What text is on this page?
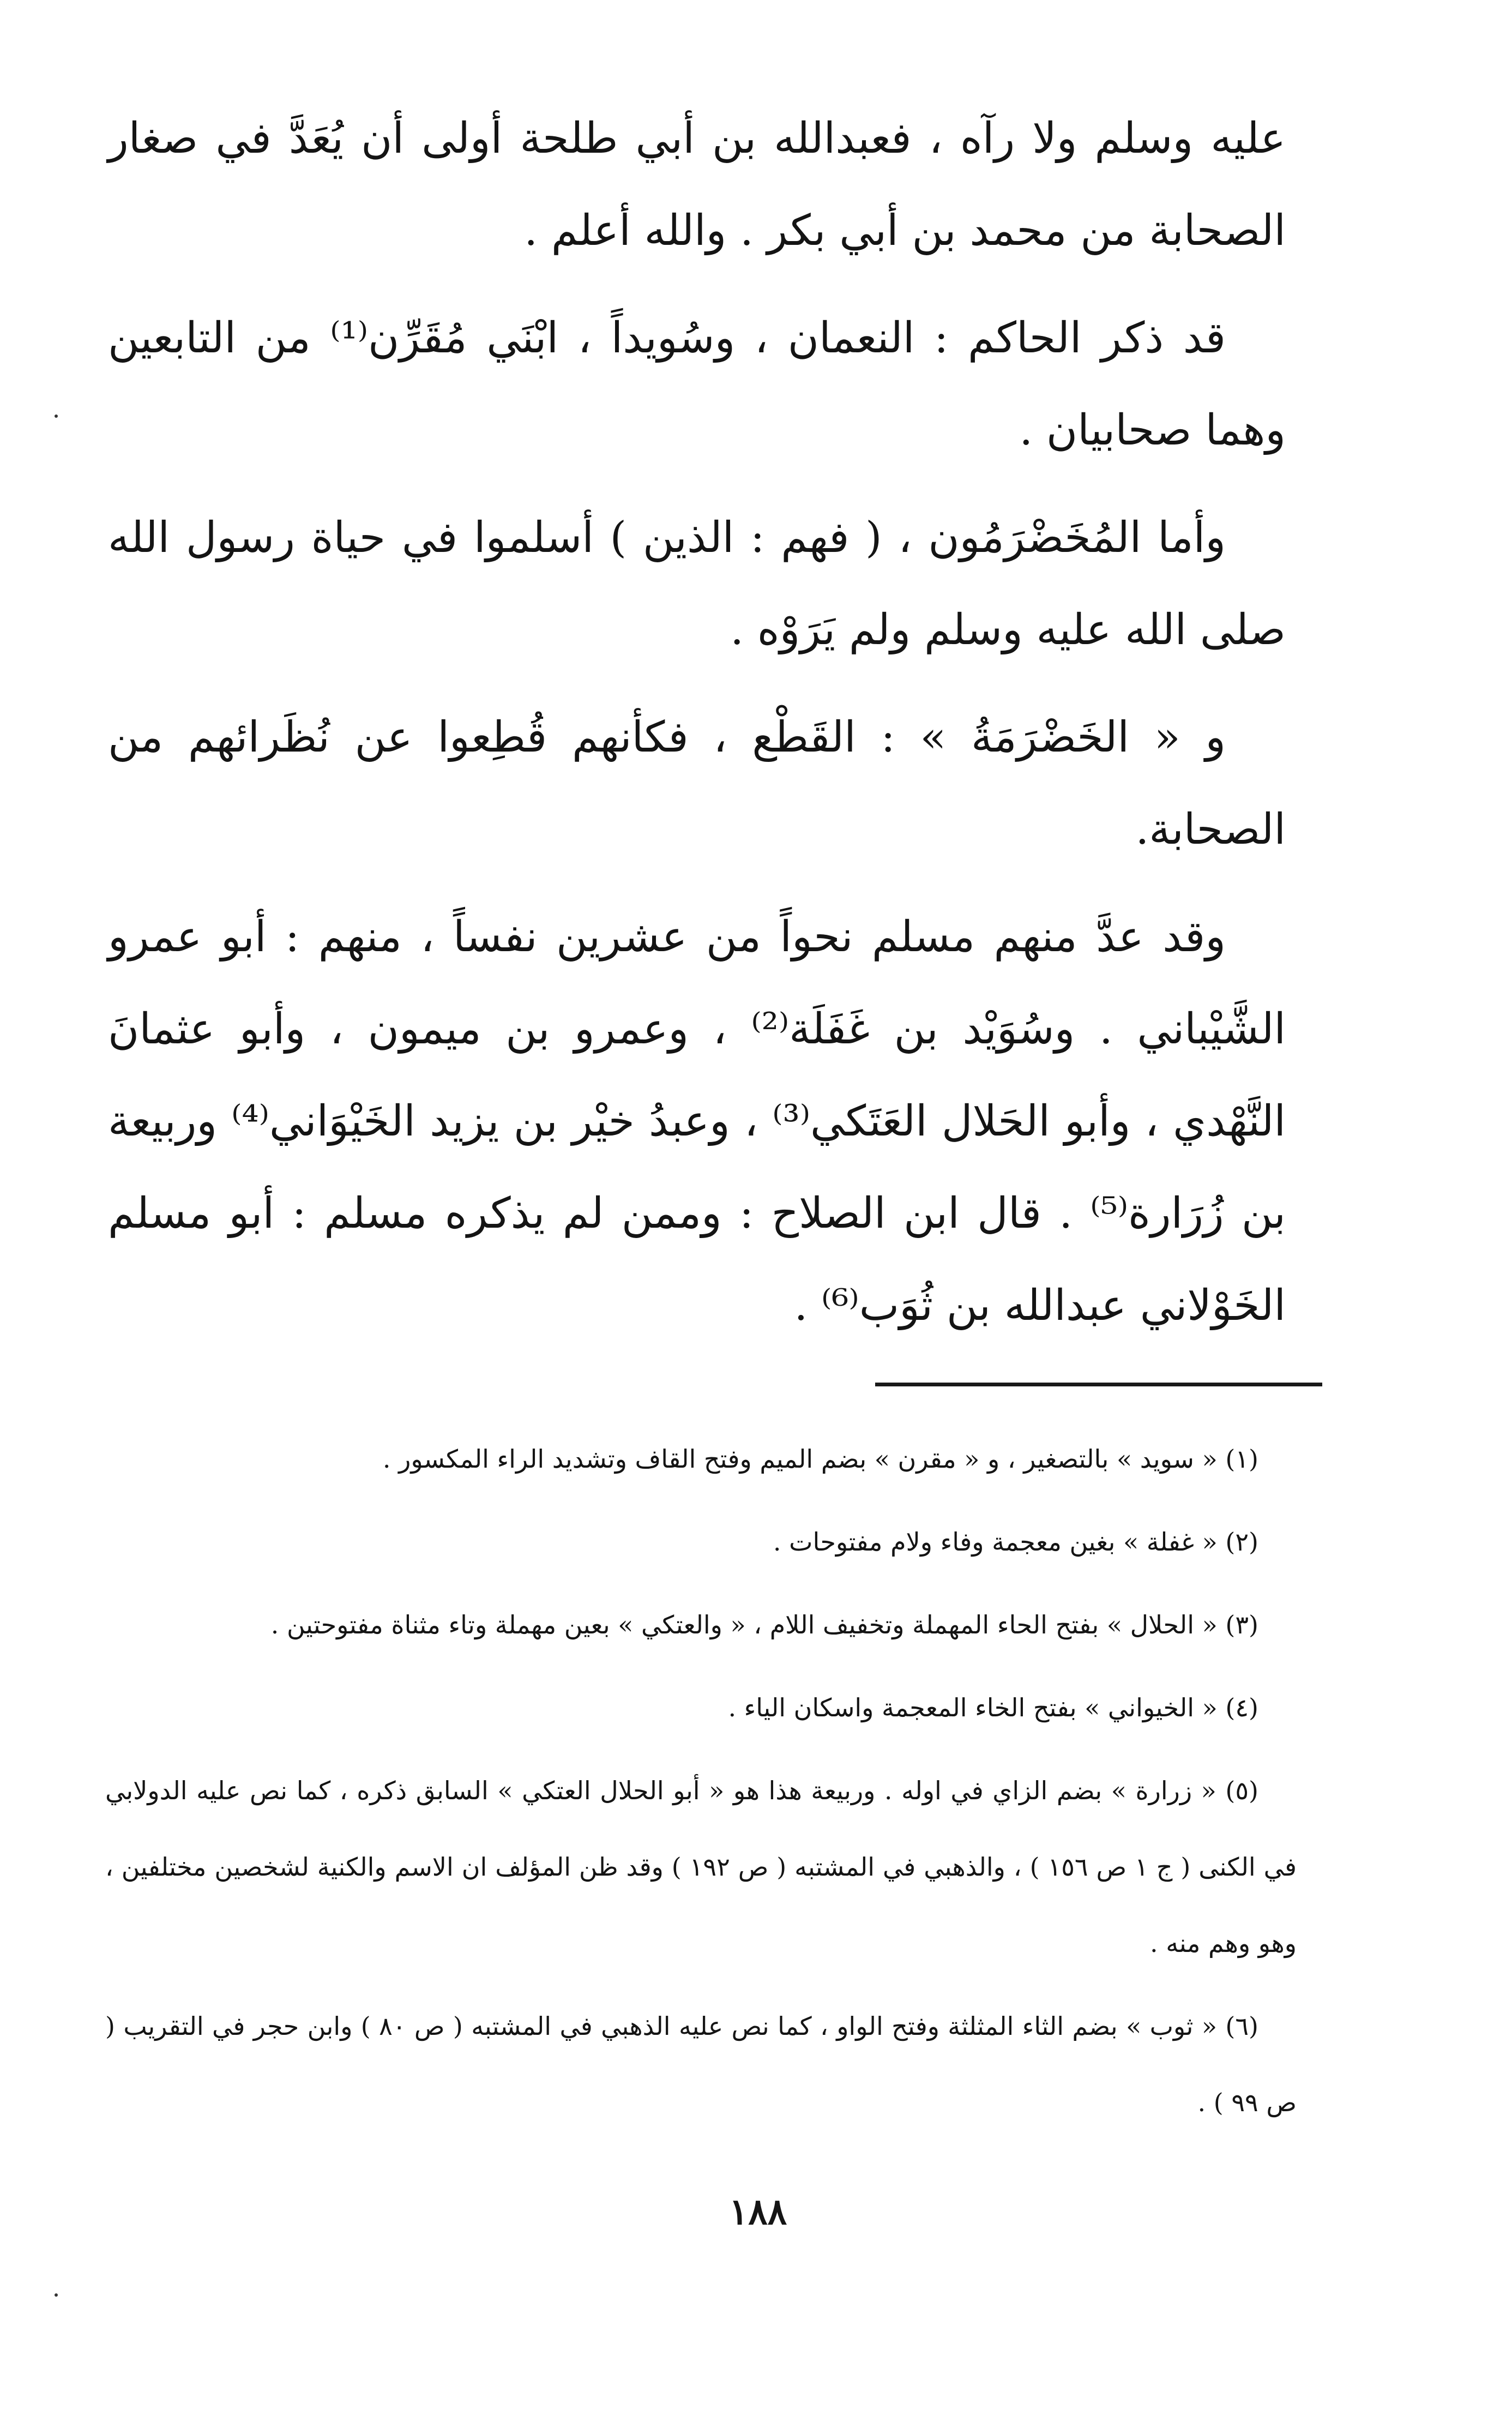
عليه وسلم ولا رآه ، فعبدالله بن أبي طلحة أولى أن يُعَدَّ في صغار الصحابة من محمد بن أبي بكر . والله أعلم .

قد ذكر الحاكم : النعمان ، وسُويداً ، ابْنَي مُقَرِّن⁽¹⁾ من التابعين وهما صحابيان .

وأما المُخَضْرَمُون ، ( فهم : الذين ) أسلموا في حياة رسول الله صلى الله عليه وسلم ولم يَرَوْه .

و « الخَضْرَمَةُ » : القَطْع ، فكأنهم قُطِعوا عن نُظَرائهم من الصحابة.

وقد عدَّ منهم مسلم نحواً من عشرين نفساً ، منهم : أبو عمرو الشَّيْباني . وسُوَيْد بن غَفَلَة⁽²⁾ ، وعمرو بن ميمون ، وأبو عثمانَ النَّهْدي ، وأبو الحَلال العَتَكي⁽³⁾ ، وعبدُ خيْر بن يزيد الخَيْوَاني⁽⁴⁾ وربيعة بن زُرَارة⁽⁵⁾ . قال ابن الصلاح : وممن لم يذكره مسلم : أبو مسلم الخَوْلاني عبدالله بن ثُوَب⁽⁶⁾ .

(١) « سويد » بالتصغير ، و « مقرن » بضم الميم وفتح القاف وتشديد الراء المكسور .

(٢) « غفلة » بغين معجمة وفاء ولام مفتوحات .

(٣) « الحلال » بفتح الحاء المهملة وتخفيف اللام ، « والعتكي » بعين مهملة وتاء مثناة مفتوحتين .

(٤) « الخيواني » بفتح الخاء المعجمة واسكان الياء .

(٥) « زرارة » بضم الزاي في اوله . وربيعة هذا هو « أبو الحلال العتكي » السابق ذكره ، كما نص عليه الدولابي في الكنى ( ج ١ ص ١٥٦ ) ، والذهبي في المشتبه ( ص ١٩٢ ) وقد ظن المؤلف ان الاسم والكنية لشخصين مختلفين ، وهو وهم منه .

(٦) « ثوب » بضم الثاء المثلثة وفتح الواو ، كما نص عليه الذهبي في المشتبه ( ص ٨٠ ) وابن حجر في التقريب ( ص ٩٩ ) .

١٨٨
